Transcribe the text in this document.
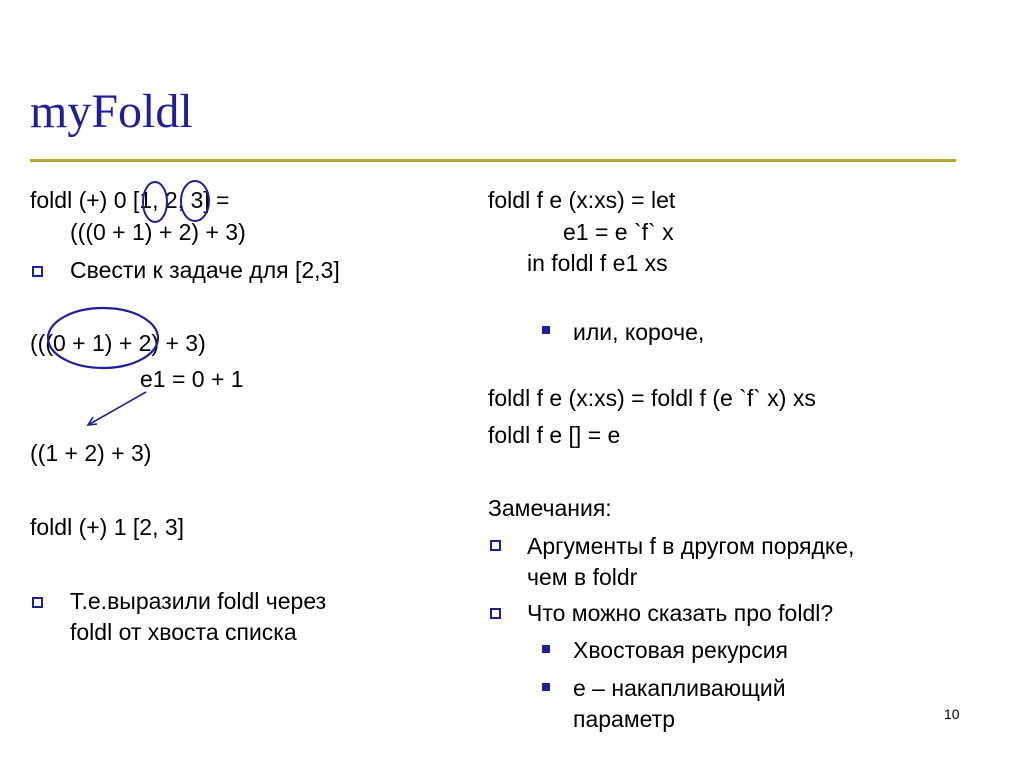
myFoldl
foldl (+) 0 [1, 2, 3] =
(((0 + 1) + 2) + 3)
Свести к задаче для [2,3]
(((0 + 1) + 2) + 3)
e1 = 0 + 1
((1 + 2) + 3)
foldl (+) 1 [2, 3]
Т.е.выразили foldl через
foldl от хвоста списка
foldl f e (x:xs) = let
e1 = e `f` x
in foldl f e1 xs
или, короче,
foldl f e (x:xs) = foldl f (e `f` x) xs
foldl f e [] = e
Замечания:
Аргументы f в другом порядке,
чем в foldr
Что можно сказать про foldl?
Хвостовая рекурсия
e – накапливающий
параметр	10
